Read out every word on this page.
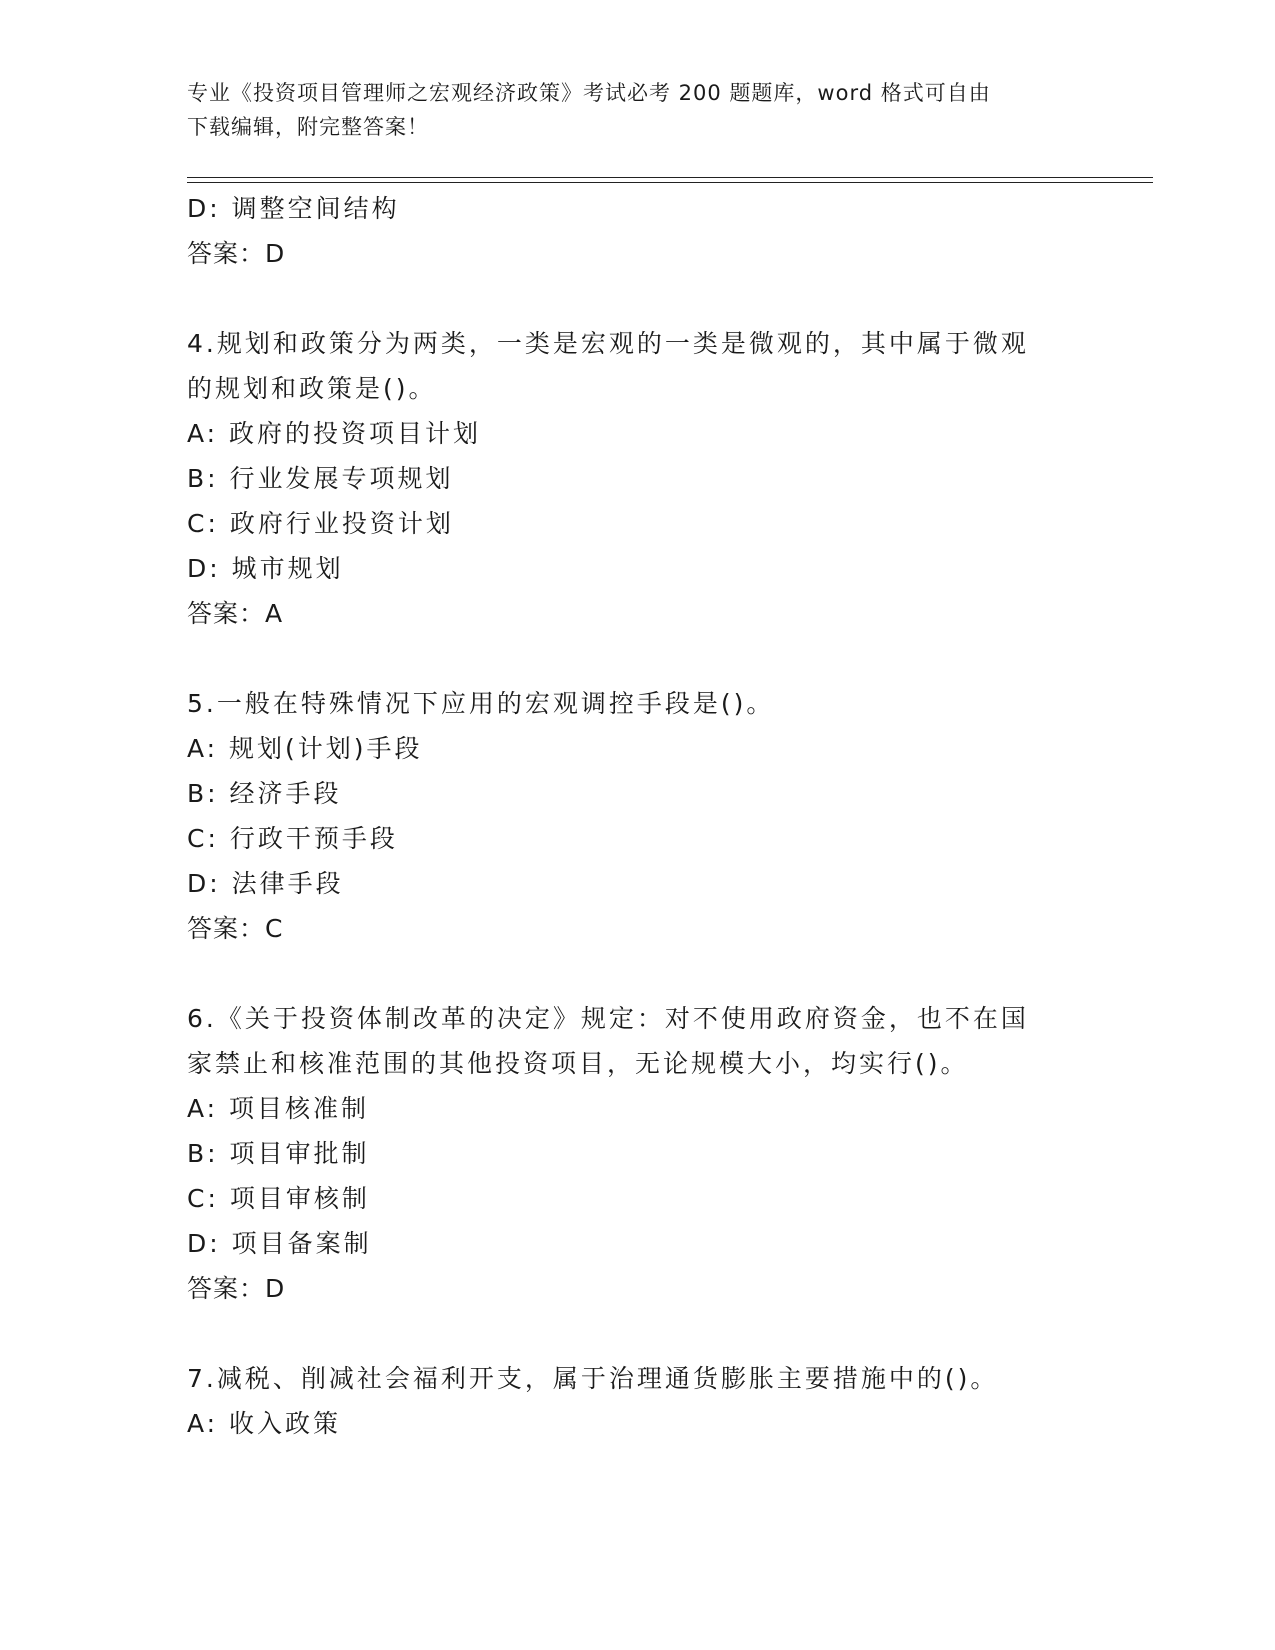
专业《投资项目管理师之宏观经济政策》考试必考 200 题题库，word 格式可自由
下载编辑，附完整答案！
D: 调整空间结构
答案：D
4.规划和政策分为两类，一类是宏观的一类是微观的，其中属于微观
的规划和政策是()。
A: 政府的投资项目计划
B: 行业发展专项规划
C: 政府行业投资计划
D: 城市规划
答案：A
5.一般在特殊情况下应用的宏观调控手段是()。
A: 规划(计划)手段
B: 经济手段
C: 行政干预手段
D: 法律手段
答案：C
6.《关于投资体制改革的决定》规定：对不使用政府资金，也不在国
家禁止和核准范围的其他投资项目，无论规模大小，均实行()。
A: 项目核准制
B: 项目审批制
C: 项目审核制
D: 项目备案制
答案：D
7.减税、削减社会福利开支，属于治理通货膨胀主要措施中的()。
A: 收入政策
